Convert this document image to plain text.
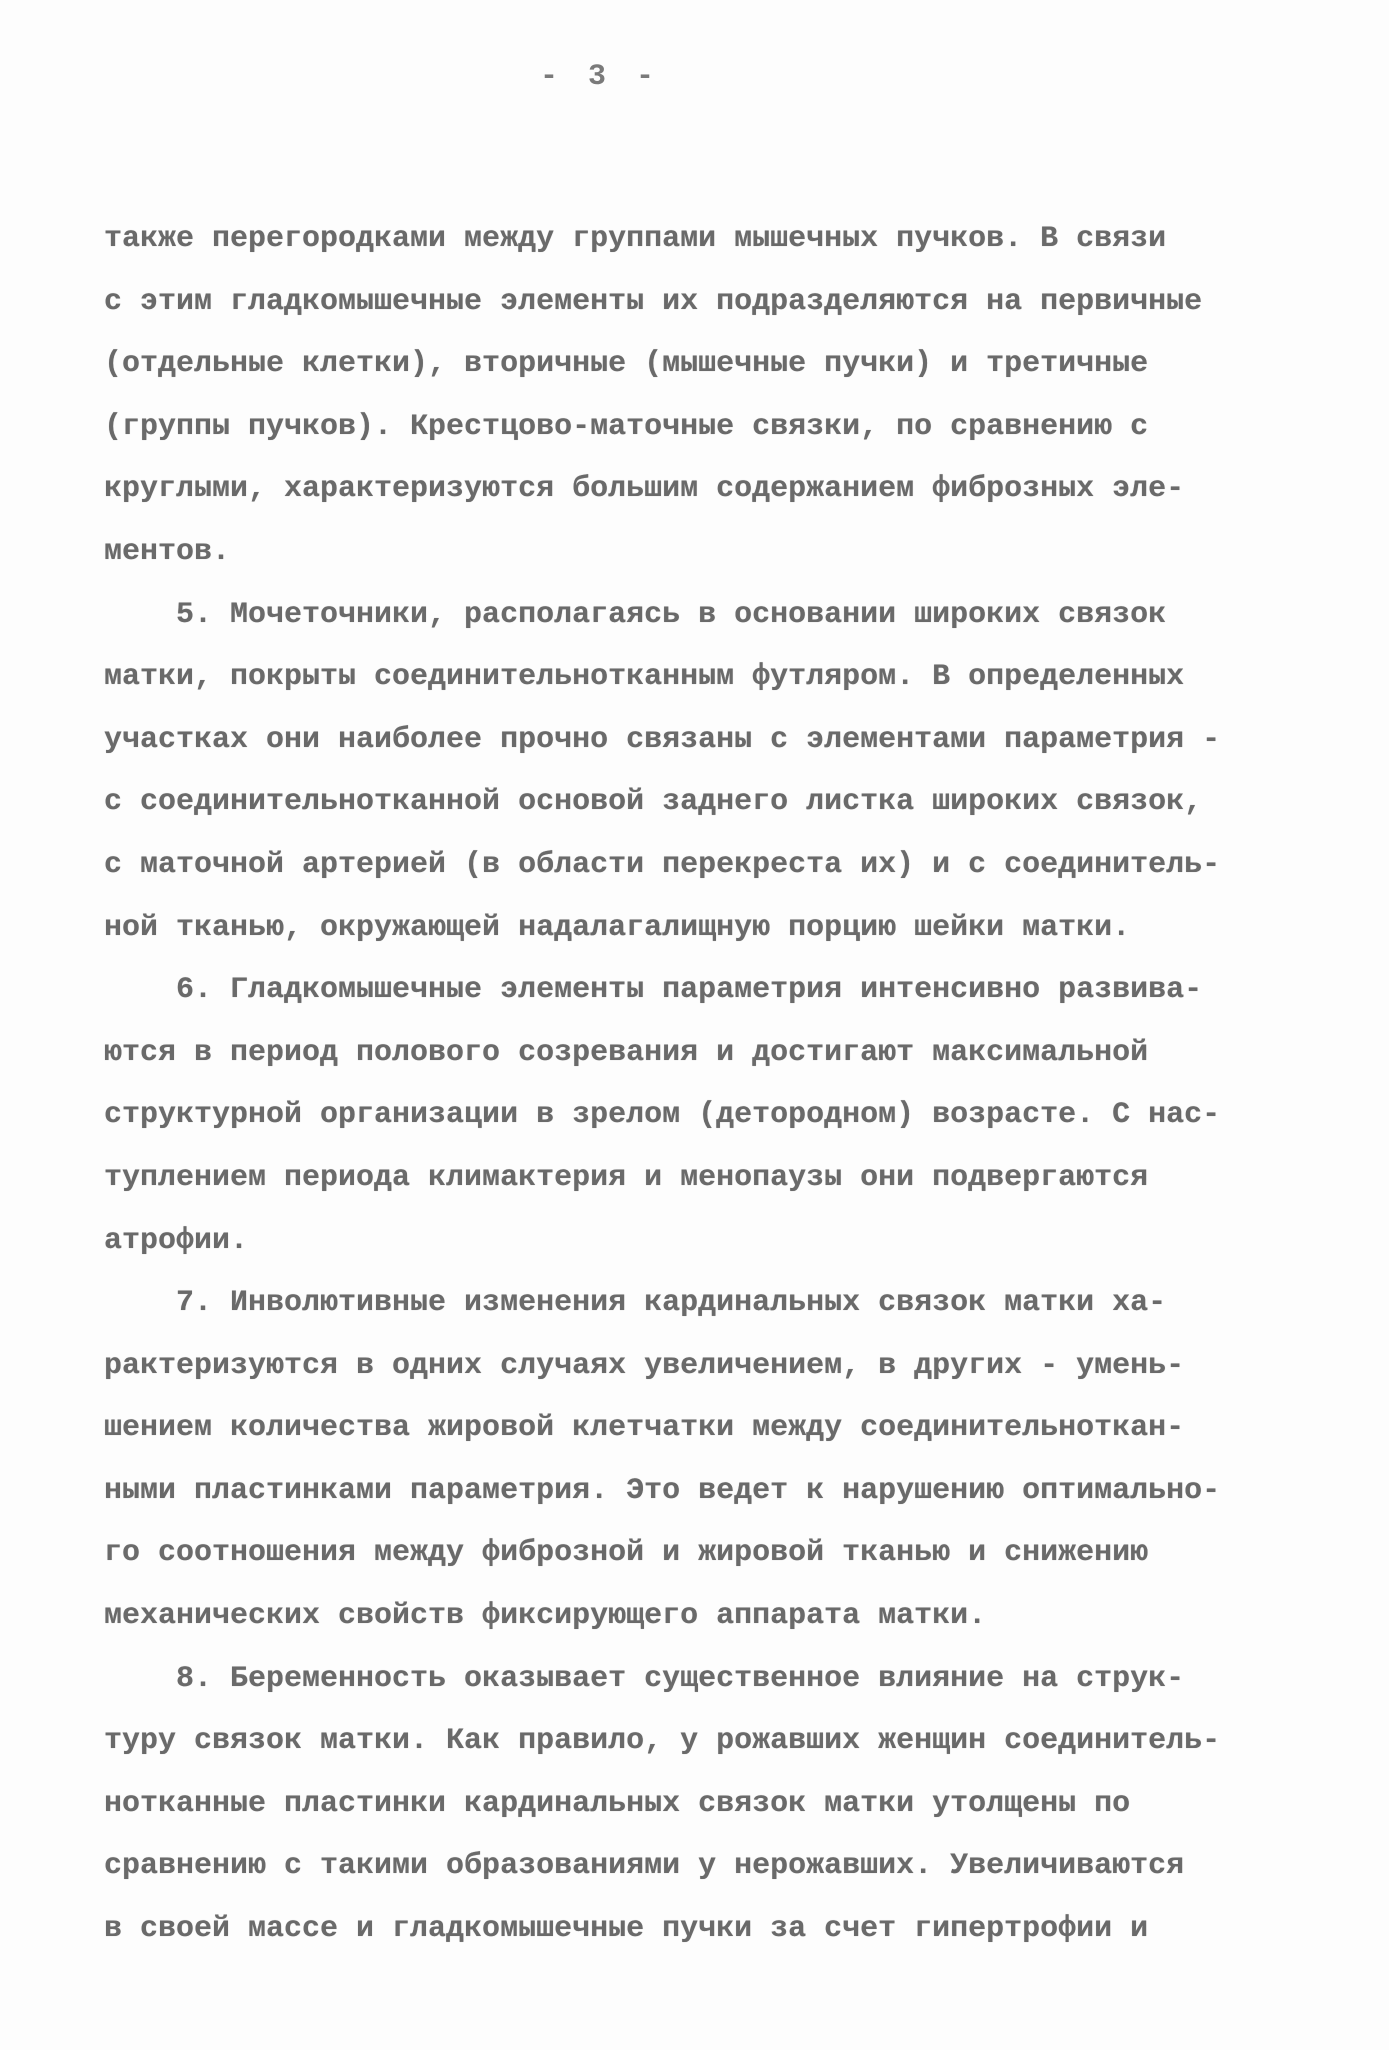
- 3 -
также перегородками между группами мышечных пучков. В связи
с этим гладкомышечные элементы их подразделяются на первичные
(отдельные клетки), вторичные (мышечные пучки) и третичные
(группы пучков). Крестцово-маточные связки, по сравнению с
круглыми, характеризуются большим содержанием фиброзных эле-
ментов.
5. Мочеточники, располагаясь в основании широких связок
матки, покрыты соединительнотканным футляром. В определенных
участках они наиболее прочно связаны с элементами параметрия -
с соединительнотканной основой заднего листка широких связок,
с маточной артерией (в области перекреста их) и с соединитель-
ной тканью, окружающей надалагалищную порцию шейки матки.
6. Гладкомышечные элементы параметрия интенсивно развива-
ются в период полового созревания и достигают максимальной
структурной организации в зрелом (детородном) возрасте. С нас-
туплением периода климактерия и менопаузы они подвергаются
атрофии.
7. Инволютивные изменения кардинальных связок матки ха-
рактеризуются в одних случаях увеличением, в других - умень-
шением количества жировой клетчатки между соединительноткан-
ными пластинками параметрия. Это ведет к нарушению оптимально-
го соотношения между фиброзной и жировой тканью и снижению
механических свойств фиксирующего аппарата матки.
8. Беременность оказывает существенное влияние на струк-
туру связок матки. Как правило, у рожавших женщин соединитель-
нотканные пластинки кардинальных связок матки утолщены по
сравнению с такими образованиями у нерожавших. Увеличиваются
в своей массе и гладкомышечные пучки за счет гипертрофии и
